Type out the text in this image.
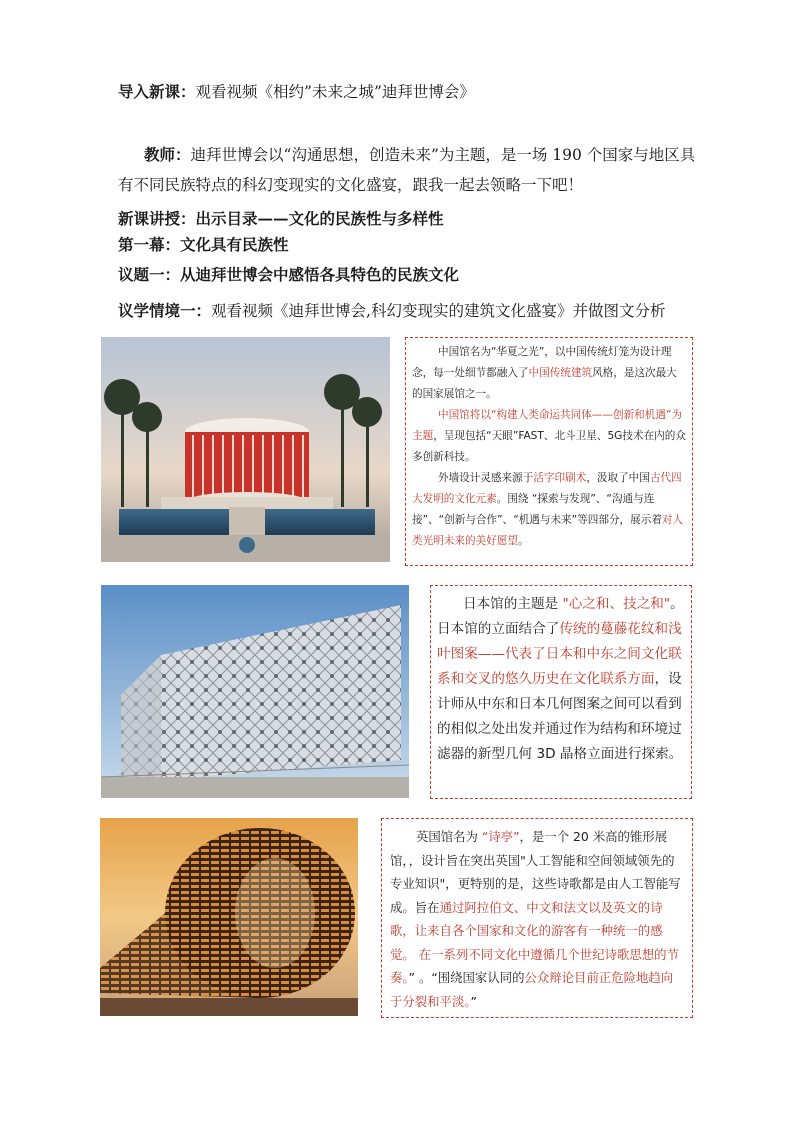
导入新课：观看视频《相约”未来之城”迪拜世博会》
教师：迪拜世博会以“沟通思想，创造未来”为主题，是一场 190 个国家与地区具有不同民族特点的科幻变现实的文化盛宴，跟我一起去领略一下吧！
新课讲授：出示目录——文化的民族性与多样性
第一幕：文化具有民族性
议题一：从迪拜世博会中感悟各具特色的民族文化
议学情境一：观看视频《迪拜世博会,科幻变现实的建筑文化盛宴》并做图文分析

中国馆名为“华夏之光”，以中国传统灯笼为设计理念，每一处细节都融入了中国传统建筑风格，是这次最大的国家展馆之一。

中国馆将以“构建人类命运共同体——创新和机遇”为主题，呈现包括“天眼”FAST、北斗卫星、5G技术在内的众多创新科技。

外墙设计灵感来源于活字印刷术，汲取了中国古代四大发明的文化元素。围绕 “探索与发现”、“沟通与连接”、“创新与合作”、“机遇与未来”等四部分，展示着对人类光明未来的美好愿望。

日本馆的主题是 "心之和、技之和"。日本馆的立面结合了传统的蔓藤花纹和浅叶图案——代表了日本和中东之间文化联系和交叉的悠久历史在文化联系方面，设计师从中东和日本几何图案之间可以看到的相似之处出发并通过作为结构和环境过滤器的新型几何 3D 晶格立面进行探索。

英国馆名为 “诗亭”，是一个 20 米高的锥形展馆，，设计旨在突出英国"人工智能和空间领域领先的专业知识"，更特别的是，这些诗歌都是由人工智能写成。旨在通过阿拉伯文、中文和法文以及英文的诗歌，让来自各个国家和文化的游客有一种统一的感觉。 在一系列不同文化中遵循几个世纪诗歌思想的节奏。” 。“围绕国家认同的公众辩论目前正危险地趋向于分裂和平淡。”
